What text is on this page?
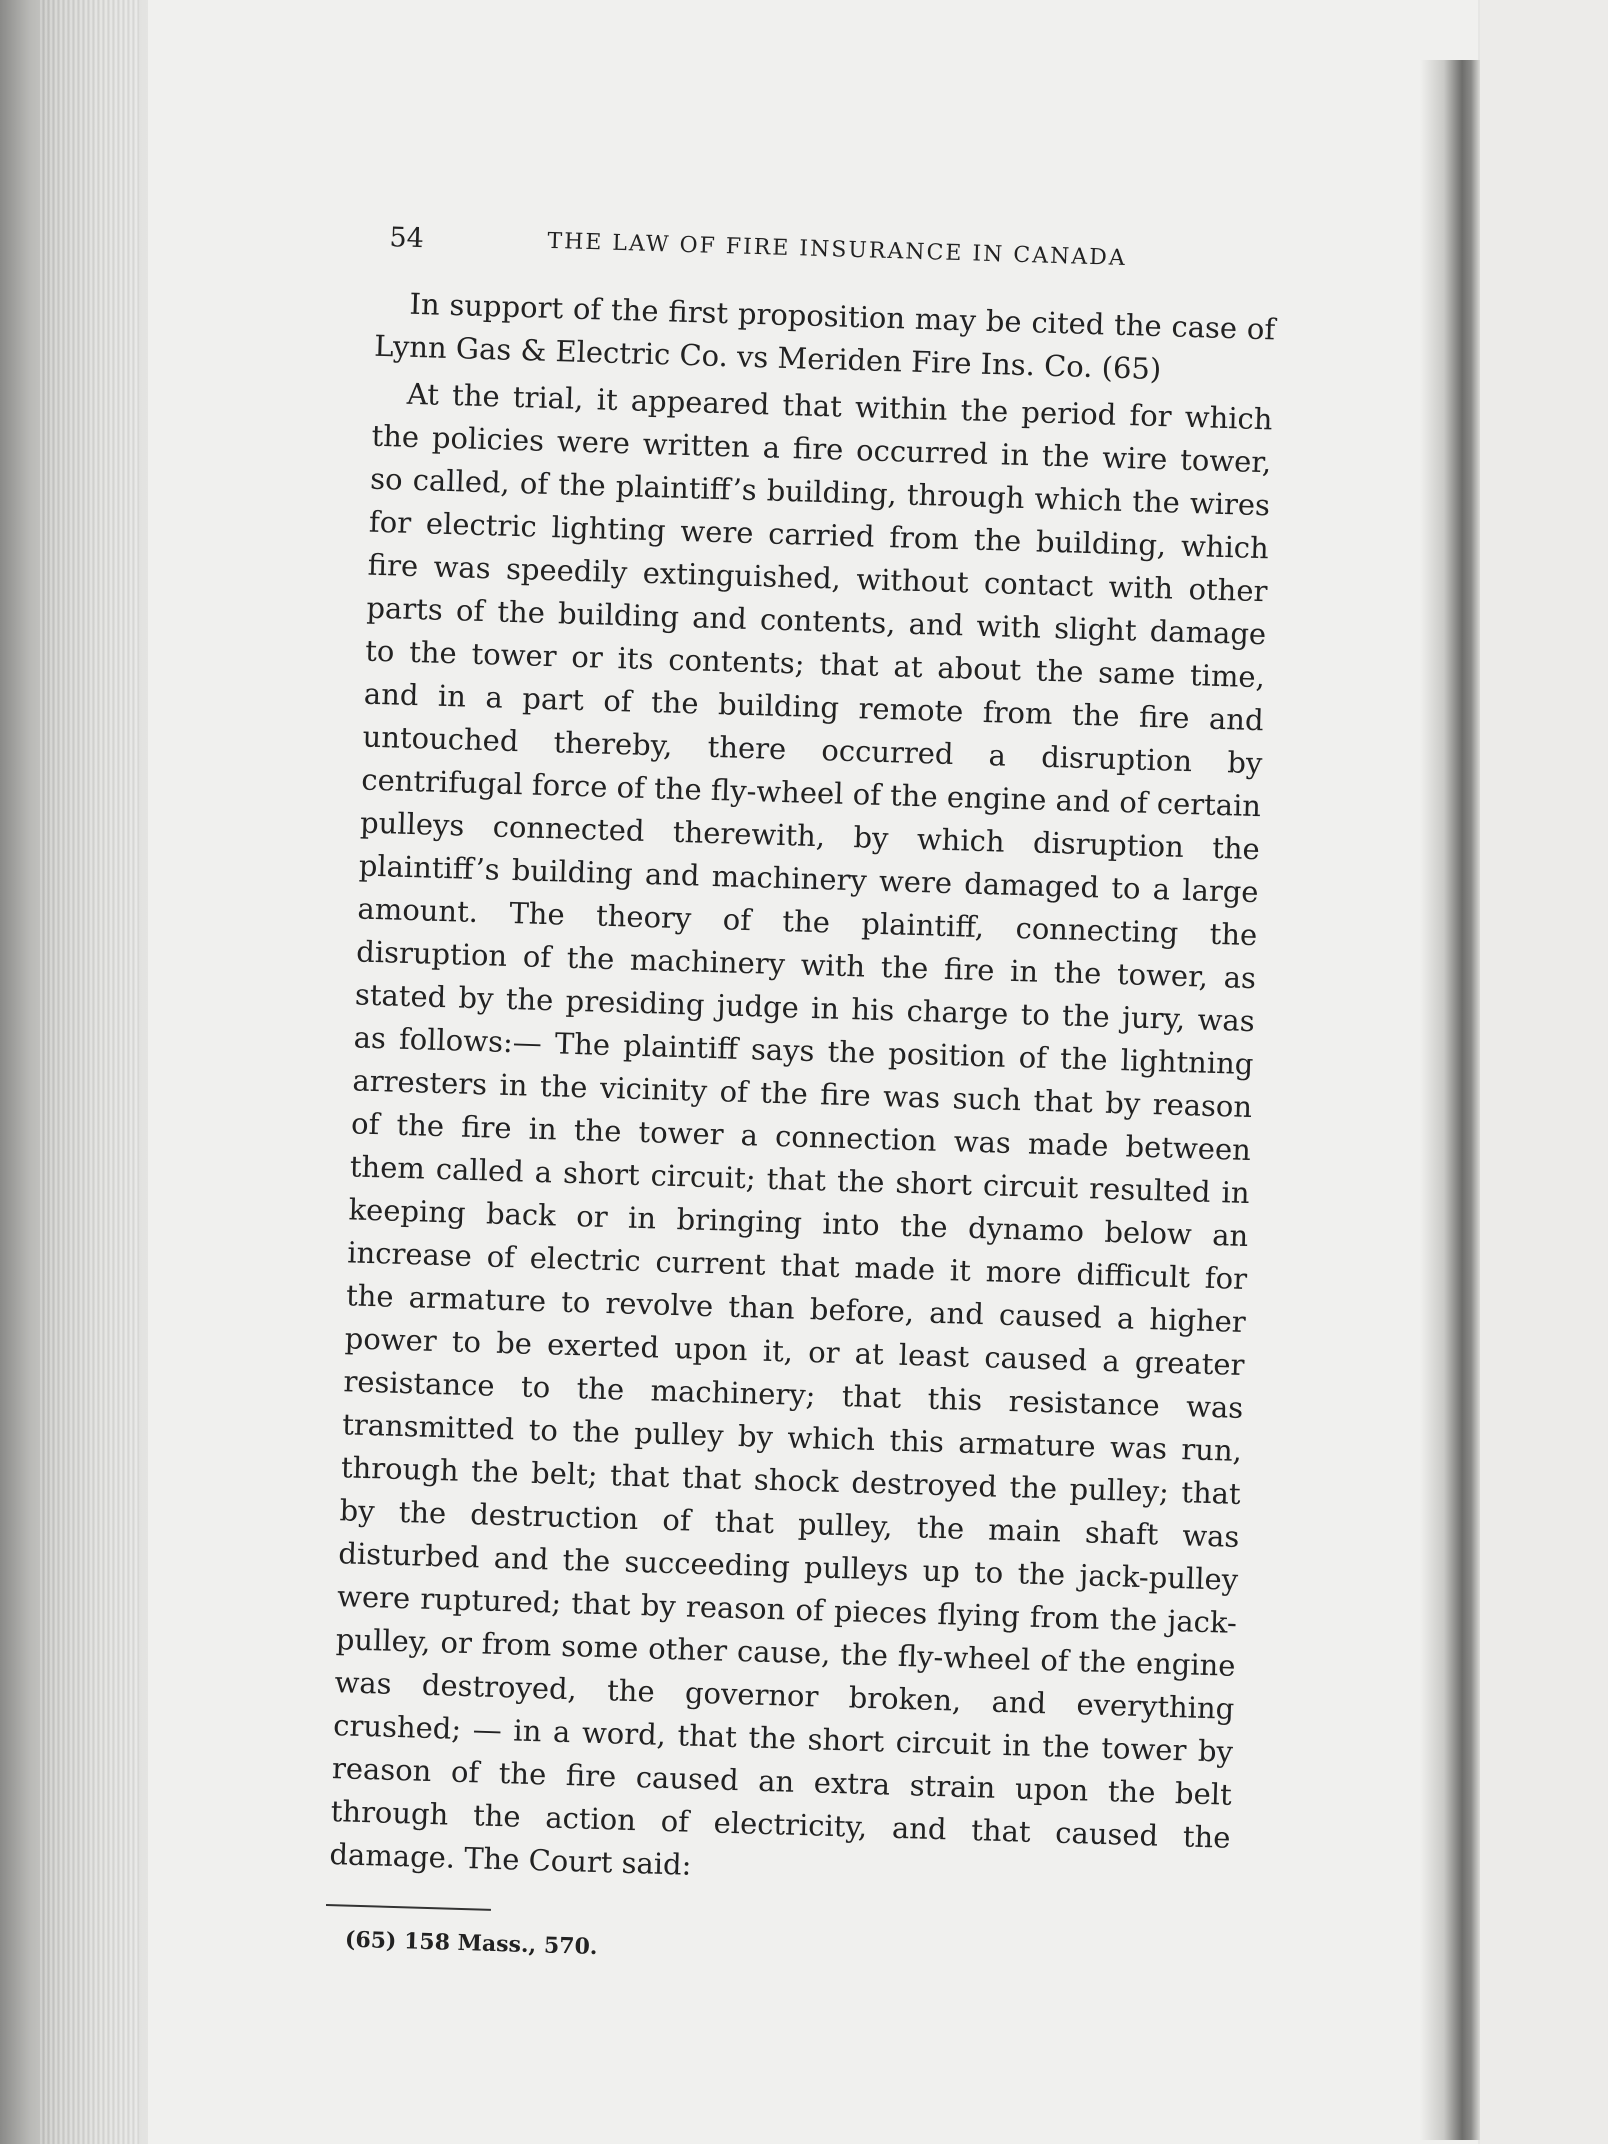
54	THE LAW OF FIRE INSURANCE IN CANADA

In support of the first proposition may be cited the case of Lynn Gas & Electric Co. vs Meriden Fire Ins. Co. (65)

At the trial, it appeared that within the period for which the policies were written a fire occurred in the wire tower, so called, of the plaintiff’s building, through which the wires for electric lighting were carried from the building, which fire was speedily extinguished, without contact with other parts of the building and contents, and with slight damage to the tower or its contents; that at about the same time, and in a part of the building remote from the fire and untouched thereby, there occurred a disruption by centrifugal force of the fly-wheel of the engine and of certain pulleys connected therewith, by which disruption the plaintiff’s building and machinery were damaged to a large amount. The theory of the plaintiff, connecting the disruption of the machinery with the fire in the tower, as stated by the presiding judge in his charge to the jury, was as follows:— The plaintiff says the position of the lightning arresters in the vicinity of the fire was such that by reason of the fire in the tower a connection was made between them called a short circuit; that the short circuit resulted in keeping back or in bringing into the dynamo below an increase of electric current that made it more difficult for the armature to revolve than before, and caused a higher power to be exerted upon it, or at least caused a greater resistance to the machinery; that this resistance was transmitted to the pulley by which this armature was run, through the belt; that that shock destroyed the pulley; that by the destruction of that pulley, the main shaft was disturbed and the succeeding pulleys up to the jack-pulley were ruptured; that by reason of pieces flying from the jack-pulley, or from some other cause, the fly-wheel of the engine was destroyed, the governor broken, and everything crushed; — in a word, that the short circuit in the tower by reason of the fire caused an extra strain upon the belt through the action of electricity, and that caused the damage. The Court said:

(65) 158 Mass., 570.
